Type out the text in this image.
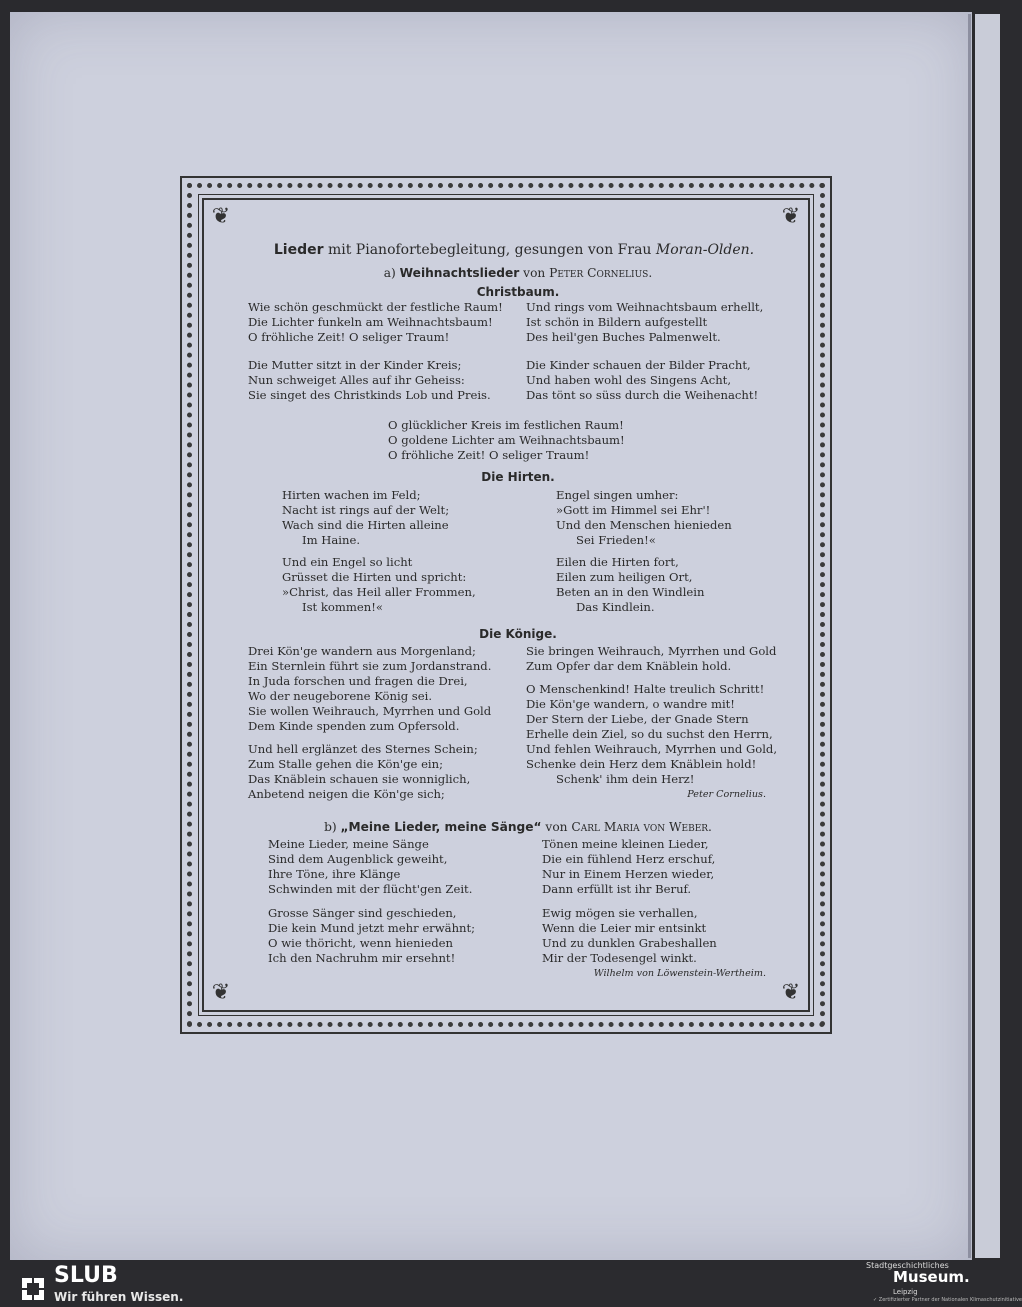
❦	❦
❦	❦
Lieder mit Pianofortebegleitung, gesungen von Frau Moran-Olden.
a) Weihnachtslieder von Peter Cornelius.
Christbaum.
Wie schön geschmückt der festliche Raum!
Die Lichter funkeln am Weihnachtsbaum!
O fröhliche Zeit! O seliger Traum!
Die Mutter sitzt in der Kinder Kreis;
Nun schweiget Alles auf ihr Geheiss:
Sie singet des Christkinds Lob und Preis.
Und rings vom Weihnachtsbaum erhellt,
Ist schön in Bildern aufgestellt
Des heil'gen Buches Palmenwelt.
Die Kinder schauen der Bilder Pracht,
Und haben wohl des Singens Acht,
Das tönt so süss durch die Weihenacht!
O glücklicher Kreis im festlichen Raum!
O goldene Lichter am Weihnachtsbaum!
O fröhliche Zeit! O seliger Traum!
Die Hirten.
Hirten wachen im Feld;
Nacht ist rings auf der Welt;
Wach sind die Hirten alleine
Im Haine.
Und ein Engel so licht
Grüsset die Hirten und spricht:
»Christ, das Heil aller Frommen,
Ist kommen!«
Engel singen umher:
»Gott im Himmel sei Ehr'!
Und den Menschen hienieden
Sei Frieden!«
Eilen die Hirten fort,
Eilen zum heiligen Ort,
Beten an in den Windlein
Das Kindlein.
Die Könige.
Drei Kön'ge wandern aus Morgenland;
Ein Sternlein führt sie zum Jordanstrand.
In Juda forschen und fragen die Drei,
Wo der neugeborene König sei.
Sie wollen Weihrauch, Myrrhen und Gold
Dem Kinde spenden zum Opfersold.
Und hell erglänzet des Sternes Schein;
Zum Stalle gehen die Kön'ge ein;
Das Knäblein schauen sie wonniglich,
Anbetend neigen die Kön'ge sich;
Sie bringen Weihrauch, Myrrhen und Gold
Zum Opfer dar dem Knäblein hold.
O Menschenkind! Halte treulich Schritt!
Die Kön'ge wandern, o wandre mit!
Der Stern der Liebe, der Gnade Stern
Erhelle dein Ziel, so du suchst den Herrn,
Und fehlen Weihrauch, Myrrhen und Gold,
Schenke dein Herz dem Knäblein hold!
Schenk' ihm dein Herz!
Peter Cornelius.
b) „Meine Lieder, meine Sänge“ von Carl Maria von Weber.
Meine Lieder, meine Sänge
Sind dem Augenblick geweiht,
Ihre Töne, ihre Klänge
Schwinden mit der flücht'gen Zeit.
Grosse Sänger sind geschieden,
Die kein Mund jetzt mehr erwähnt;
O wie thöricht, wenn hienieden
Ich den Nachruhm mir ersehnt!
Tönen meine kleinen Lieder,
Die ein fühlend Herz erschuf,
Nur in Einem Herzen wieder,
Dann erfüllt ist ihr Beruf.
Ewig mögen sie verhallen,
Wenn die Leier mir entsinkt
Und zu dunklen Grabeshallen
Mir der Todesengel winkt.
Wilhelm von Löwenstein-Wertheim.
SLUB
Wir führen Wissen.
Stadtgeschichtliches
Museum.
Leipzig
✓ Zertifizierter Partner der Nationalen Klimaschutzinitiative
